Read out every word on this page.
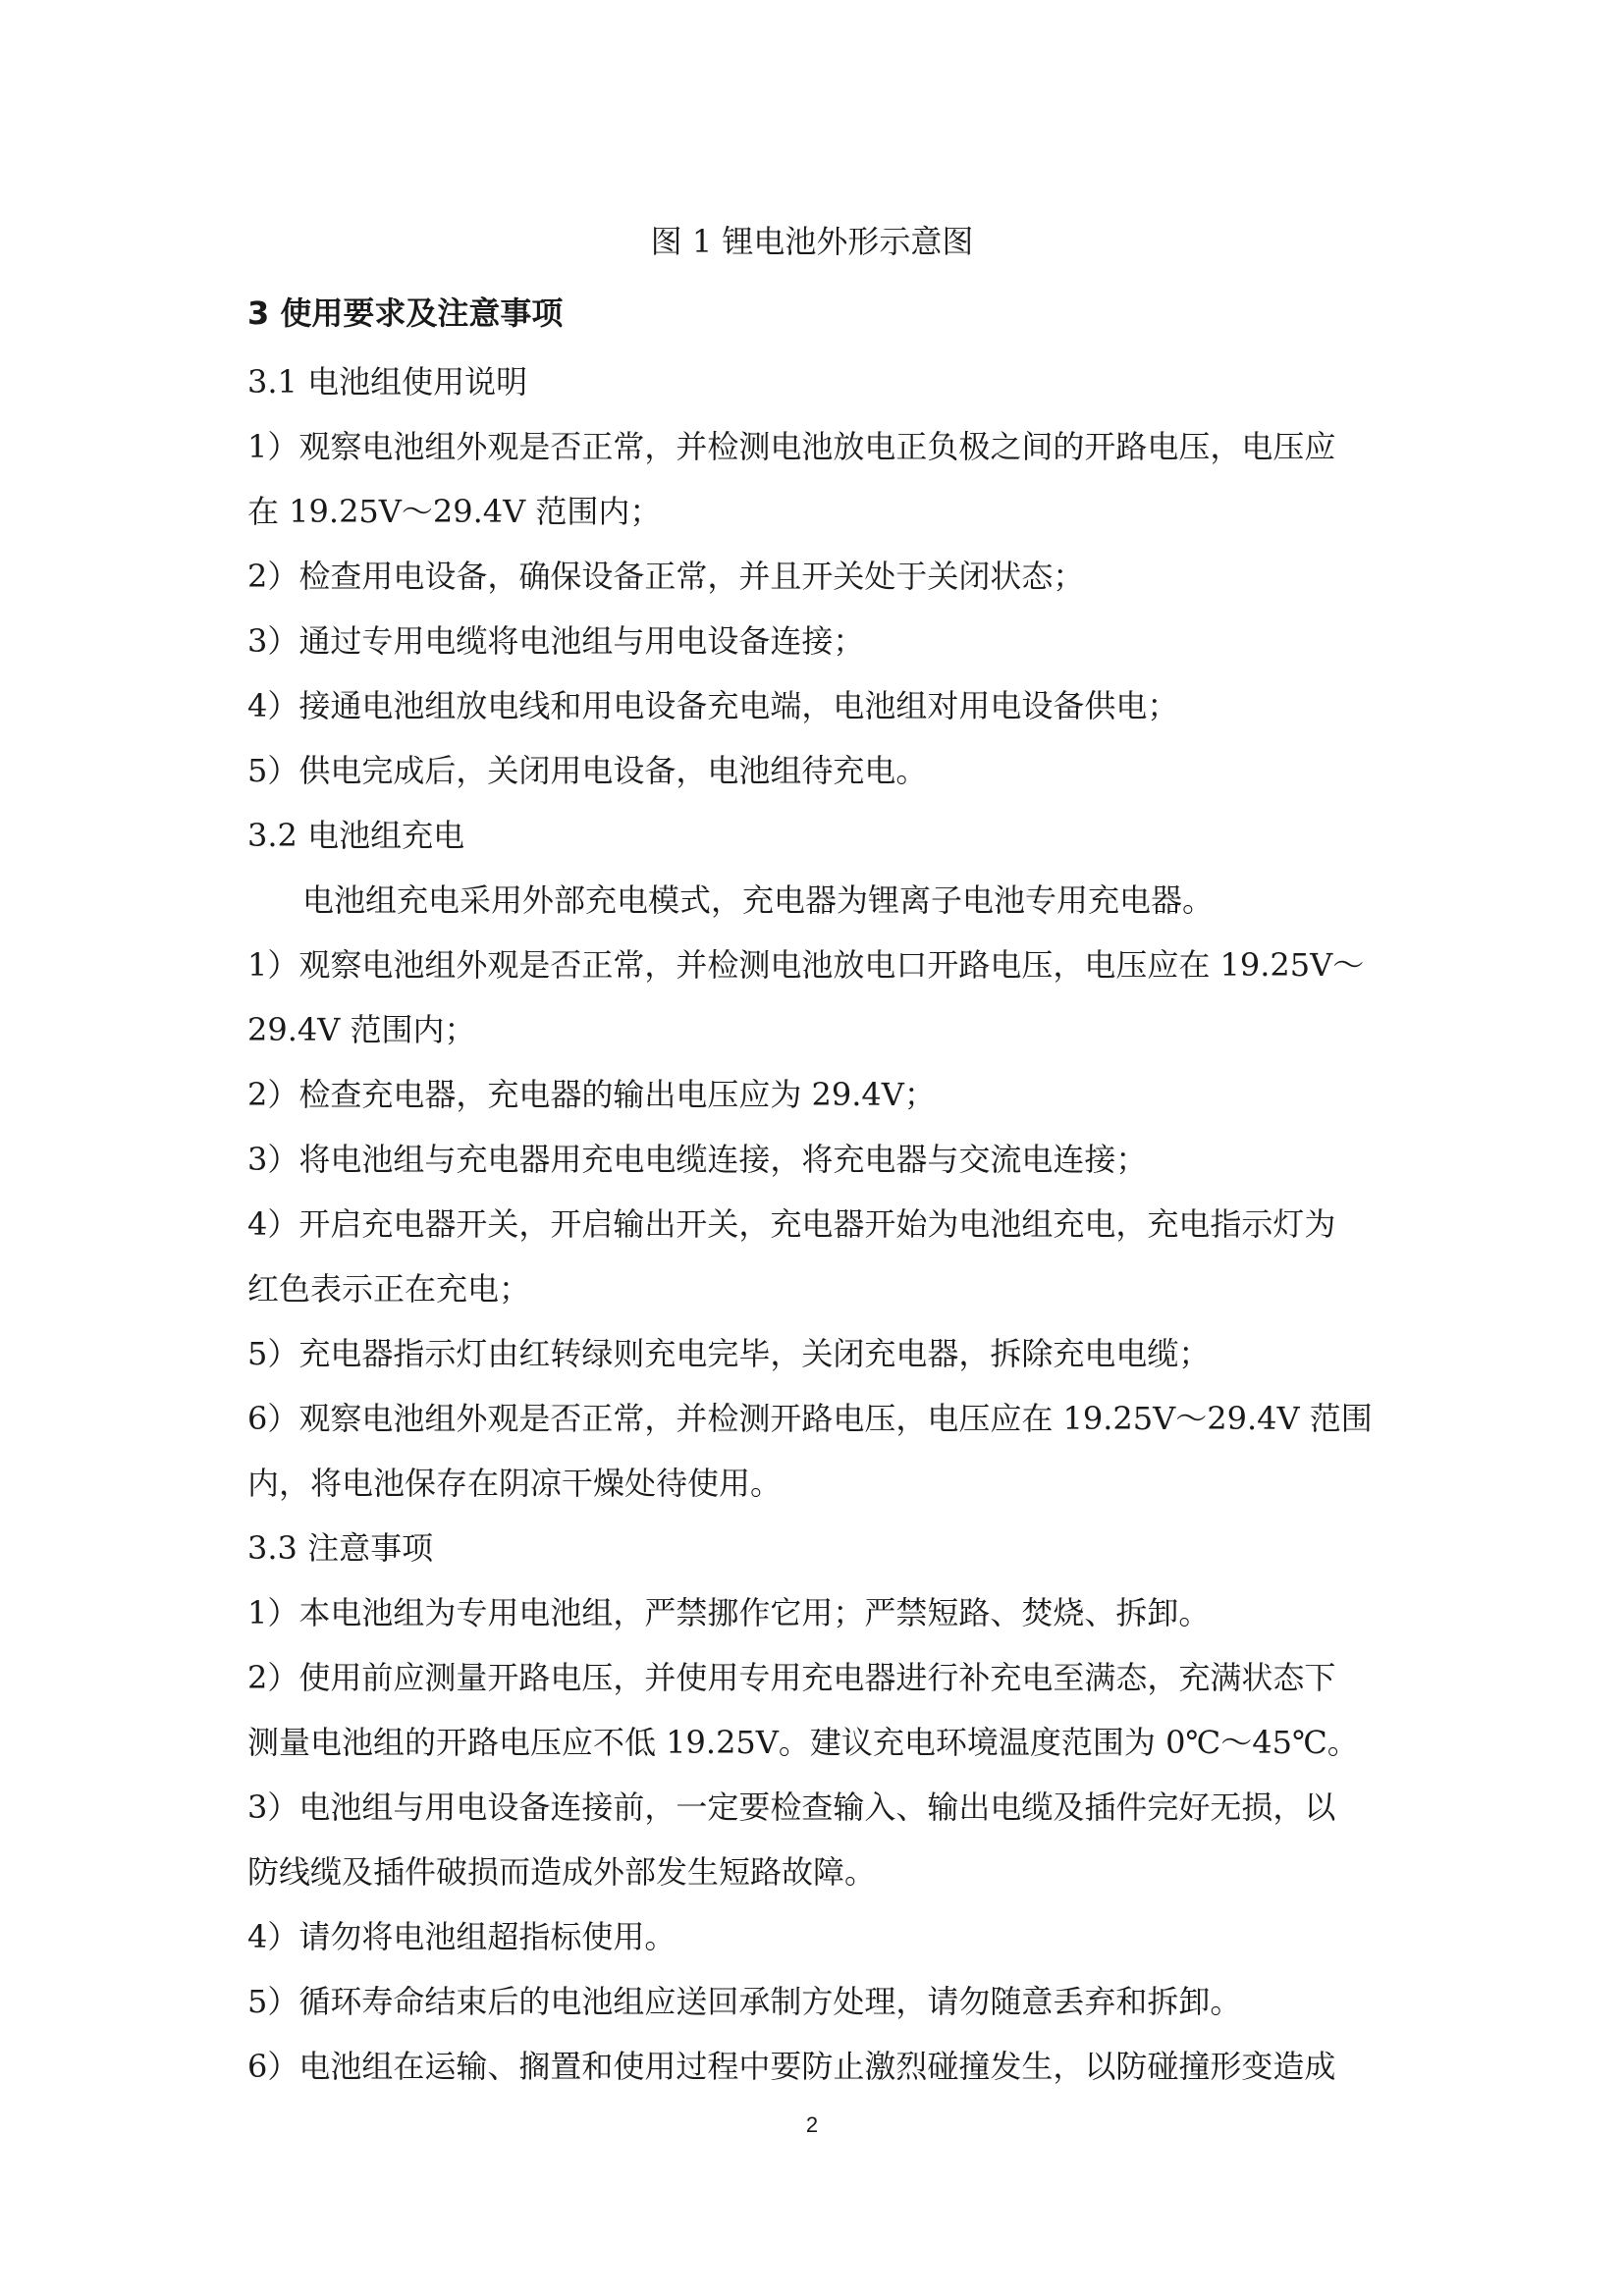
图 1 锂电池外形示意图
3 使用要求及注意事项
3.1 电池组使用说明
1）观察电池组外观是否正常，并检测电池放电正负极之间的开路电压，电压应
在 19.25V～29.4V 范围内；
2）检查用电设备，确保设备正常，并且开关处于关闭状态；
3）通过专用电缆将电池组与用电设备连接；
4）接通电池组放电线和用电设备充电端，电池组对用电设备供电；
5）供电完成后，关闭用电设备，电池组待充电。
3.2 电池组充电
电池组充电采用外部充电模式，充电器为锂离子电池专用充电器。
1）观察电池组外观是否正常，并检测电池放电口开路电压，电压应在 19.25V～
29.4V 范围内；
2）检查充电器，充电器的输出电压应为 29.4V；
3）将电池组与充电器用充电电缆连接，将充电器与交流电连接；
4）开启充电器开关，开启输出开关，充电器开始为电池组充电，充电指示灯为
红色表示正在充电；
5）充电器指示灯由红转绿则充电完毕，关闭充电器，拆除充电电缆；
6）观察电池组外观是否正常，并检测开路电压，电压应在 19.25V～29.4V 范围
内，将电池保存在阴凉干燥处待使用。
3.3 注意事项
1）本电池组为专用电池组，严禁挪作它用；严禁短路、焚烧、拆卸。
2）使用前应测量开路电压，并使用专用充电器进行补充电至满态，充满状态下
测量电池组的开路电压应不低 19.25V。建议充电环境温度范围为 0℃～45℃。
3）电池组与用电设备连接前，一定要检查输入、输出电缆及插件完好无损，以
防线缆及插件破损而造成外部发生短路故障。
4）请勿将电池组超指标使用。
5）循环寿命结束后的电池组应送回承制方处理，请勿随意丢弃和拆卸。
6）电池组在运输、搁置和使用过程中要防止激烈碰撞发生，以防碰撞形变造成
2
